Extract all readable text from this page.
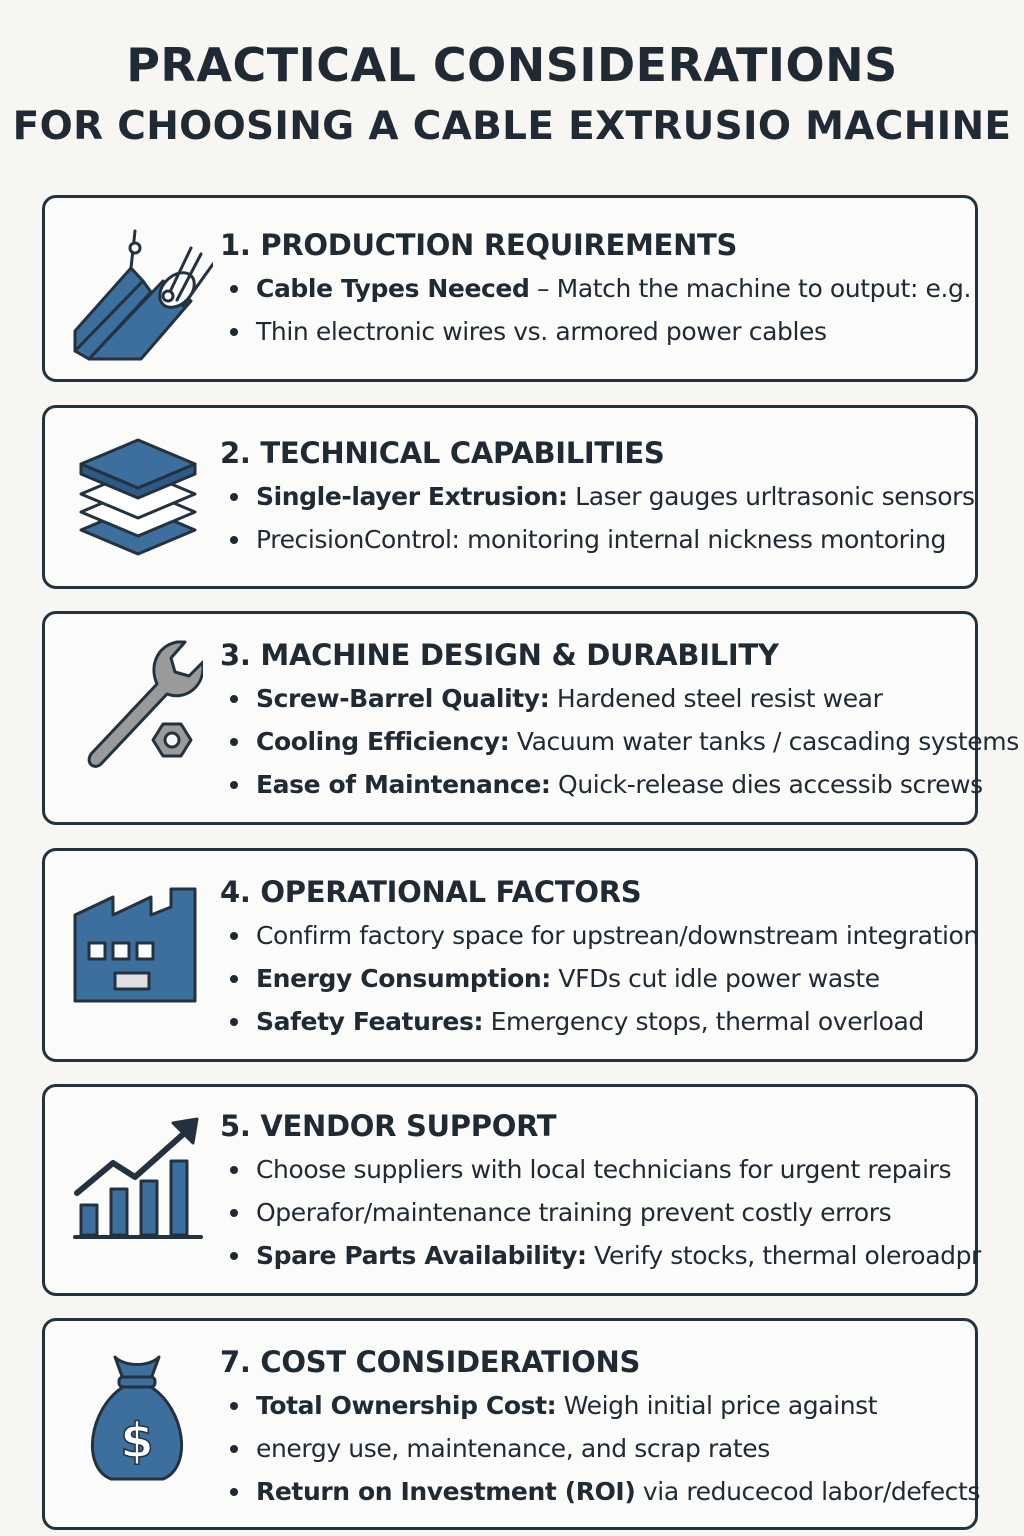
PRACTICAL CONSIDERATIONS
FOR CHOOSING A CABLE EXTRUSIO MACHINE
1. PRODUCTION REQUIREMENTS
Cable Types Neeced – Match the machine to output: e.g.
Thin electronic wires vs. armored power cables
2. TECHNICAL CAPABILITIES
Single-layer Extrusion: Laser gauges urltrasonic sensors
PrecisionControl: monitoring internal nickness montoring
3. MACHINE DESIGN & DURABILITY
Screw-Barrel Quality: Hardened steel resist wear
Cooling Efficiency: Vacuum water tanks / cascading systems
Ease of Maintenance: Quick-release dies accessib screws
4. OPERATIONAL FACTORS
Confirm factory space for upstrean/downstream integration
Energy Consumption: VFDs cut idle power waste
Safety Features: Emergency stops, thermal overload
5. VENDOR SUPPORT
Choose suppliers with local technicians for urgent repairs
Operafor/maintenance training prevent costly errors
Spare Parts Availability: Verify stocks, thermal oleroadpr
$
7. COST CONSIDERATIONS
Total Ownership Cost: Weigh initial price against
energy use, maintenance, and scrap rates
Return on Investment (ROI) via reducecod labor/defects
